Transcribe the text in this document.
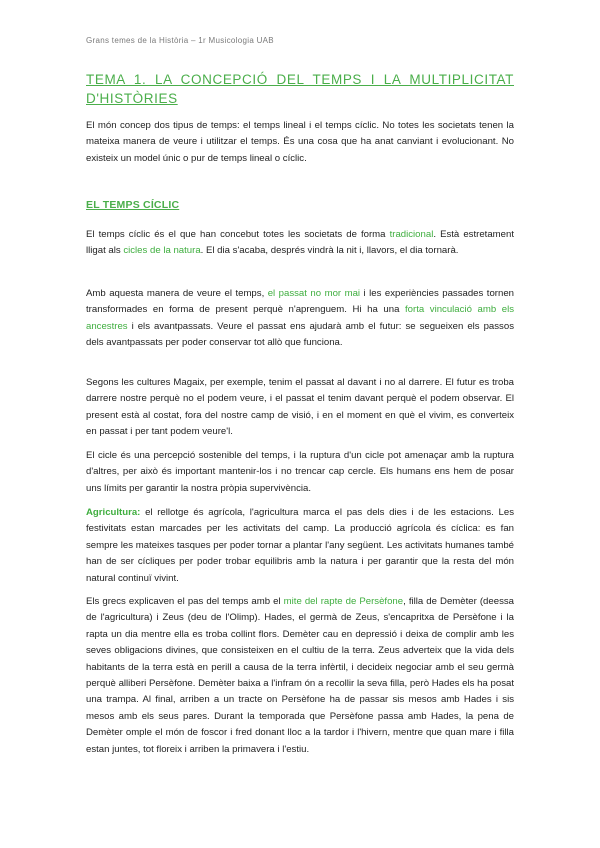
Grans temes de la Història – 1r Musicologia UAB
TEMA 1. LA CONCEPCIÓ DEL TEMPS I LA MULTIPLICITAT D'HISTÒRIES

El món concep dos tipus de temps: el temps lineal i el temps cíclic. No totes les societats tenen la mateixa manera de veure i utilitzar el temps. És una cosa que ha anat canviant i evolucionant. No existeix un model únic o pur de temps lineal o cíclic.

EL TEMPS CÍCLIC

El temps cíclic és el que han concebut totes les societats de forma tradicional. Està estretament lligat als cicles de la natura. El dia s'acaba, després vindrà la nit i, llavors, el dia tornarà.

Amb aquesta manera de veure el temps, el passat no mor mai i les experiències passades tornen transformades en forma de present perquè n'aprenguem. Hi ha una forta vinculació amb els ancestres i els avantpassats. Veure el passat ens ajudarà amb el futur: se segueixen els passos dels avantpassats per poder conservar tot allò que funciona.

Segons les cultures Magaix, per exemple, tenim el passat al davant i no al darrere. El futur es troba darrere nostre perquè no el podem veure, i el passat el tenim davant perquè el podem observar. El present està al costat, fora del nostre camp de visió, i en el moment en què el vivim, es converteix en passat i per tant podem veure'l.

El cicle és una percepció sostenible del temps, i la ruptura d'un cicle pot amenaçar amb la ruptura d'altres, per això és important mantenir-los i no trencar cap cercle. Els humans ens hem de posar uns límits per garantir la nostra pròpia supervivència.

Agricultura: el rellotge és agrícola, l'agricultura marca el pas dels dies i de les estacions. Les festivitats estan marcades per les activitats del camp. La producció agrícola és cíclica: es fan sempre les mateixes tasques per poder tornar a plantar l'any següent. Les activitats humanes també han de ser cícliques per poder trobar equilibris amb la natura i per garantir que la resta del món natural continuï vivint.

Els grecs explicaven el pas del temps amb el mite del rapte de Persèfone, filla de Demèter (deessa de l'agricultura) i Zeus (deu de l'Olimp). Hades, el germà de Zeus, s'encapritxa de Persèfone i la rapta un dia mentre ella es troba collint flors. Demèter cau en depressió i deixa de complir amb les seves obligacions divines, que consisteixen en el cultiu de la terra. Zeus adverteix que la vida dels habitants de la terra està en perill a causa de la terra infèrtil, i decideix negociar amb el seu germà perquè alliberi Persèfone. Demèter baixa a l'infram ón a recollir la seva filla, però Hades els ha posat una trampa. Al final, arriben a un tracte on Persèfone ha de passar sis mesos amb Hades i sis mesos amb els seus pares. Durant la temporada que Persèfone passa amb Hades, la pena de Demèter omple el món de foscor i fred donant lloc a la tardor i l'hivern, mentre que quan mare i filla estan juntes, tot floreix i arriben la primavera i l'estiu.
